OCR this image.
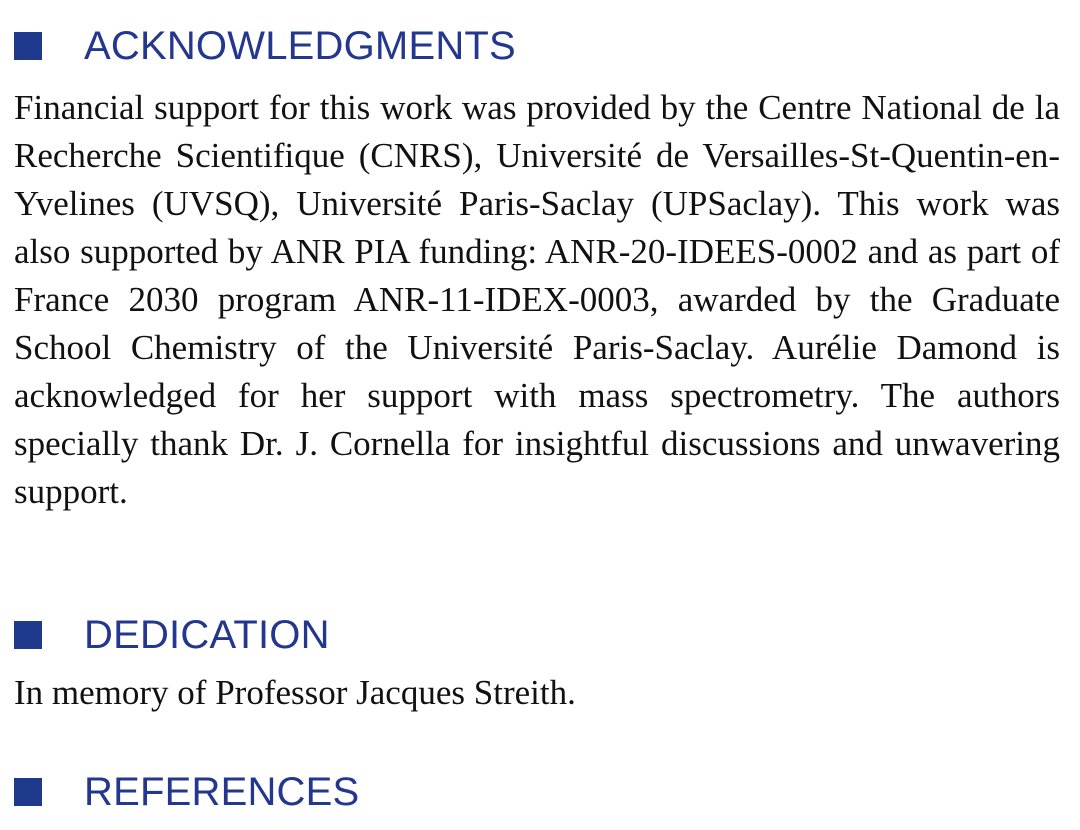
ACKNOWLEDGMENTS

Financial support for this work was provided by the Centre National de la Recherche Scientifique (CNRS), Université de Versailles-St-Quentin-en-Yvelines (UVSQ), Université Paris-Saclay (UPSaclay). This work was also supported by ANR PIA funding: ANR-20-IDEES-0002 and as part of France 2030 program ANR-11-IDEX-0003, awarded by the Graduate School Chemistry of the Université Paris-Saclay. Aurélie Damond is acknowledged for her support with mass spectrometry. The authors specially thank Dr. J. Cornella for insightful discussions and unwavering support.

DEDICATION

In memory of Professor Jacques Streith.

REFERENCES
